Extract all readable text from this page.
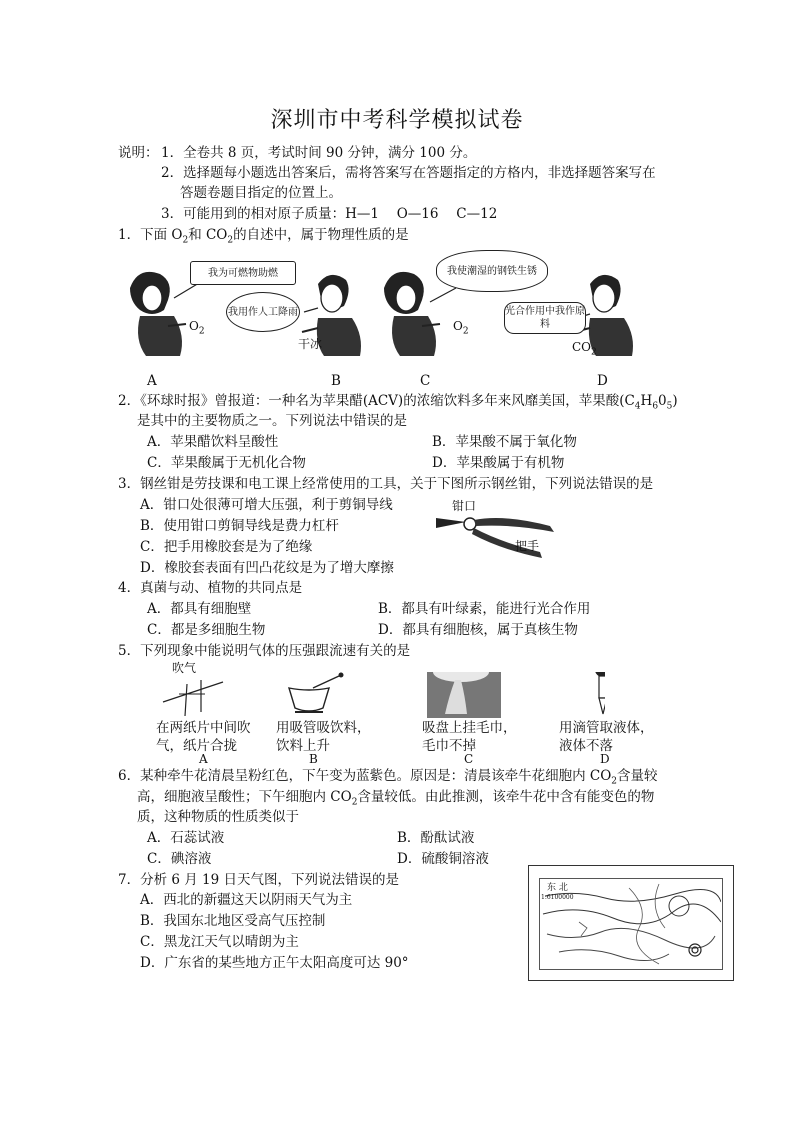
深圳市中考科学模拟试卷
说明： 1．全卷共 8 页，考试时间 90 分钟，满分 100 分。
2．选择题每小题选出答案后，需将答案写在答题指定的方格内，非选择题答案写在
答题卷题目指定的位置上。
3．可能用到的相对原子质量：H—1　 O—16　 C—12
1．下面 $O_2$和 $CO_2$的自述中，属于物理性质的是
我为可燃物助燃
我用作人工降雨
我使潮湿的钢铁生锈
光合作用中我作原料
$O_2$
干冰
$O_2$
$CO_2$
A	B	C	D
2．《环球时报》曾报道：一种名为苹果醋(ACV)的浓缩饮料多年来风靡美国，苹果酸$(C_4H_60_5)$
是其中的主要物质之一。下列说法中错误的是
A．苹果醋饮料呈酸性	B．苹果酸不属于氧化物
C．苹果酸属于无机化合物	D．苹果酸属于有机物
3．钢丝钳是劳技课和电工课上经常使用的工具，关于下图所示钢丝钳，下列说法错误的是
A．钳口处很薄可增大压强，利于剪铜导线
B．使用钳口剪铜导线是费力杠杆
C．把手用橡胶套是为了绝缘
D．橡胶套表面有凹凸花纹是为了增大摩擦
钳口
把手
4．真菌与动、植物的共同点是
A．都具有细胞壁	B．都具有叶绿素，能进行光合作用
C．都是多细胞生物	D．都具有细胞核，属于真核生物
5．下列现象中能说明气体的压强跟流速有关的是
吹气
在两纸片中间吹
气，纸片合拢
用吸管吸饮料，
饮料上升
吸盘上挂毛巾，
毛巾不掉
用滴管取液体，
液体不落
A	B	C	D
6．某种牵牛花清晨呈粉红色，下午变为蓝紫色。原因是：清晨该牵牛花细胞内 $CO_2$含量较
高，细胞液呈酸性；下午细胞内 $CO_2$含量较低。由此推测，该牵牛花中含有能变色的物
质，这种物质的性质类似于
A．石蕊试液	B．酚酞试液
C．碘溶液	D．硫酸铜溶液
7．分析 6 月 19 日天气图，下列说法错误的是
A．西北的新疆这天以阴雨天气为主
B．我国东北地区受高气压控制
C．黑龙江天气以晴朗为主
D．广东省的某些地方正午太阳高度可达 90°
东 北
1:6100000
